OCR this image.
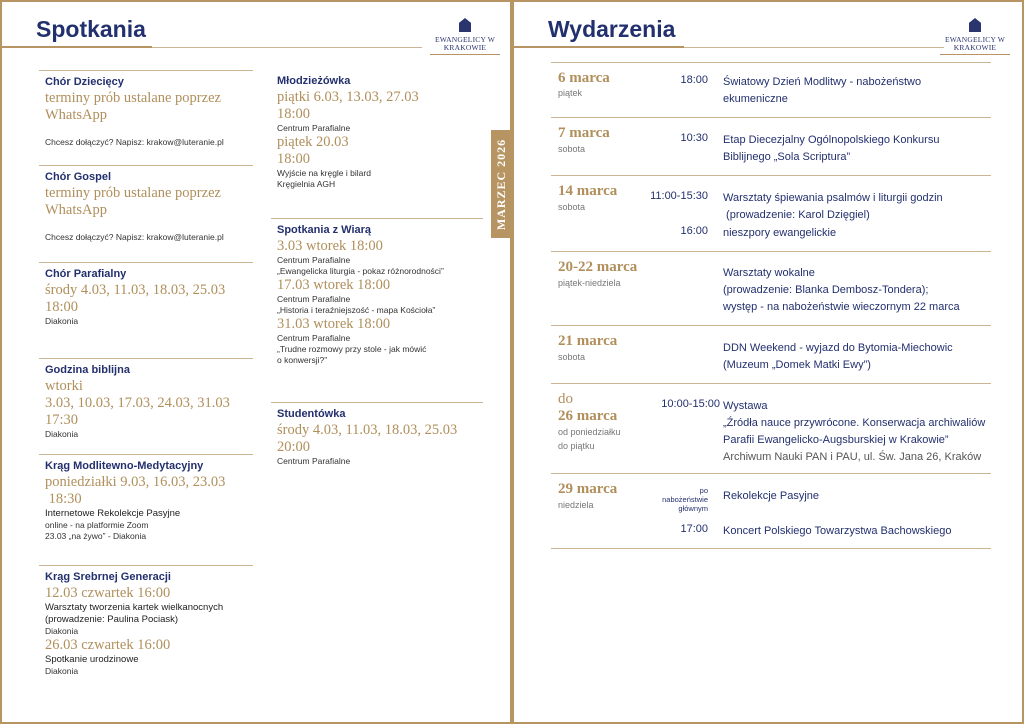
Spotkania	EWANGELICY W KRAKOWIE
MARZEC 2026
Chór Dziecięcy
terminy prób ustalane poprzez WhatsApp
Chcesz dołączyć? Napisz: krakow@luteranie.pl
Chór Gospel
terminy prób ustalane poprzez WhatsApp
Chcesz dołączyć? Napisz: krakow@luteranie.pl
Chór Parafialny
środy 4.03, 11.03, 18.03, 25.03
18:00
Diakonia
Godzina biblijna
wtorki
3.03, 10.03, 17.03, 24.03, 31.03
17:30
Diakonia
Krąg Modlitewno-Medytacyjny
poniedziałki 9.03, 16.03, 23.03
18:30
Internetowe Rekolekcje Pasyjne
online - na platformie Zoom
23.03 „na żywo” - Diakonia
Krąg Srebrnej Generacji
12.03 czwartek 16:00
Warsztaty tworzenia kartek wielkanocnych
(prowadzenie: Paulina Pociask)
Diakonia
26.03 czwartek 16:00
Spotkanie urodzinowe
Diakonia
Młodzieżówka
piątki 6.03, 13.03, 27.03
18:00
Centrum Parafialne
piątek 20.03
18:00
Wyjście na kręgle i bilard
Kręgielnia AGH
Spotkania z Wiarą
3.03 wtorek 18:00
Centrum Parafialne
„Ewangelicka liturgia - pokaz różnorodności”
17.03 wtorek 18:00
Centrum Parafialne
„Historia i teraźniejszość - mapa Kościoła”
31.03 wtorek 18:00
Centrum Parafialne
„Trudne rozmowy przy stole - jak mówić
o konwersji?”
Studentówka
środy 4.03, 11.03, 18.03, 25.03
20:00
Centrum Parafialne
Wydarzenia	EWANGELICY W KRAKOWIE
6 marca
piątek
18:00 Światowy Dzień Modlitwy - nabożeństwo
ekumeniczne
7 marca
sobota
10:30 Etap Diecezjalny Ogólnopolskiego Konkursu
Biblijnego „Sola Scriptura”
14 marca
sobota
11:00-15:30 Warsztaty śpiewania psalmów i liturgii godzin
(prowadzenie: Karol Dzięgiel)
16:00 nieszpory ewangelickie
20-22 marca
piątek-niedziela
Warsztaty wokalne
(prowadzenie: Blanka Dembosz-Tondera);
występ - na nabożeństwie wieczornym 22 marca
21 marca
sobota
DDN Weekend - wyjazd do Bytomia-Miechowic
(Muzeum „Domek Matki Ewy”)
do
26 marca
od poniedziałku
do piątku
10:00-15:00 Wystawa
„Źródła nauce przywrócone. Konserwacja archiwaliów
Parafii Ewangelicko-Augsburskiej w Krakowie”
Archiwum Nauki PAN i PAU, ul. Św. Jana 26, Kraków
29 marca
niedziela
po
nabożeństwie
głównym
Rekolekcje Pasyjne
17:00 Koncert Polskiego Towarzystwa Bachowskiego
